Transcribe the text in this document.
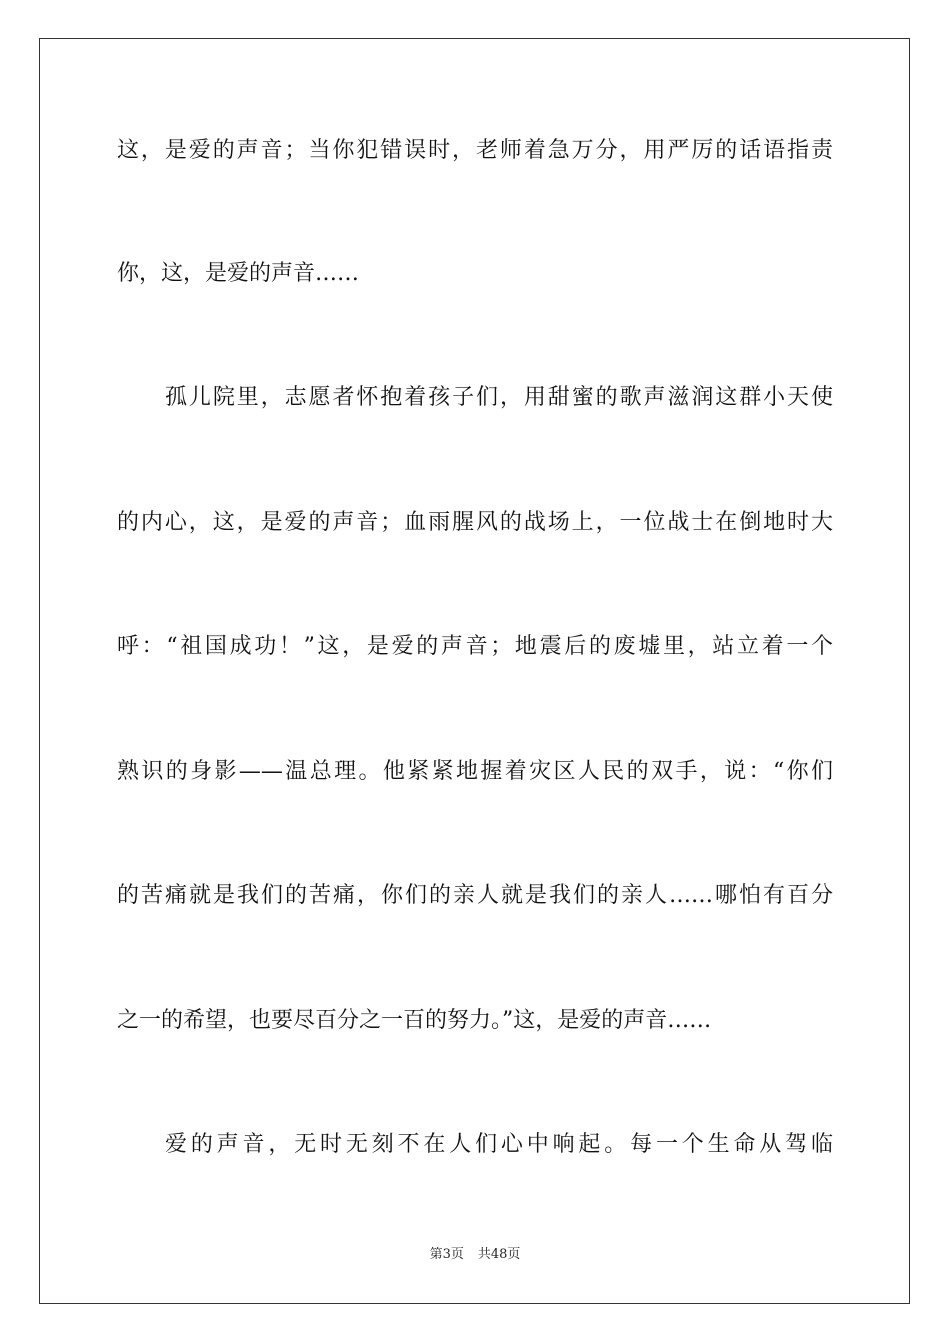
这，是爱的声音；当你犯错误时，老师着急万分，用严厉的话语指责
你，这，是爱的声音……
孤儿院里，志愿者怀抱着孩子们，用甜蜜的歌声滋润这群小天使
的内心，这，是爱的声音；血雨腥风的战场上，一位战士在倒地时大
呼：“祖国成功！”这，是爱的声音；地震后的废墟里，站立着一个
熟识的身影——温总理。他紧紧地握着灾区人民的双手，说：“你们
的苦痛就是我们的苦痛，你们的亲人就是我们的亲人……哪怕有百分
之一的希望，也要尽百分之一百的努力。”这，是爱的声音……
爱的声音，无时无刻不在人们心中响起。每一个生命从驾临
第3页 共48页
